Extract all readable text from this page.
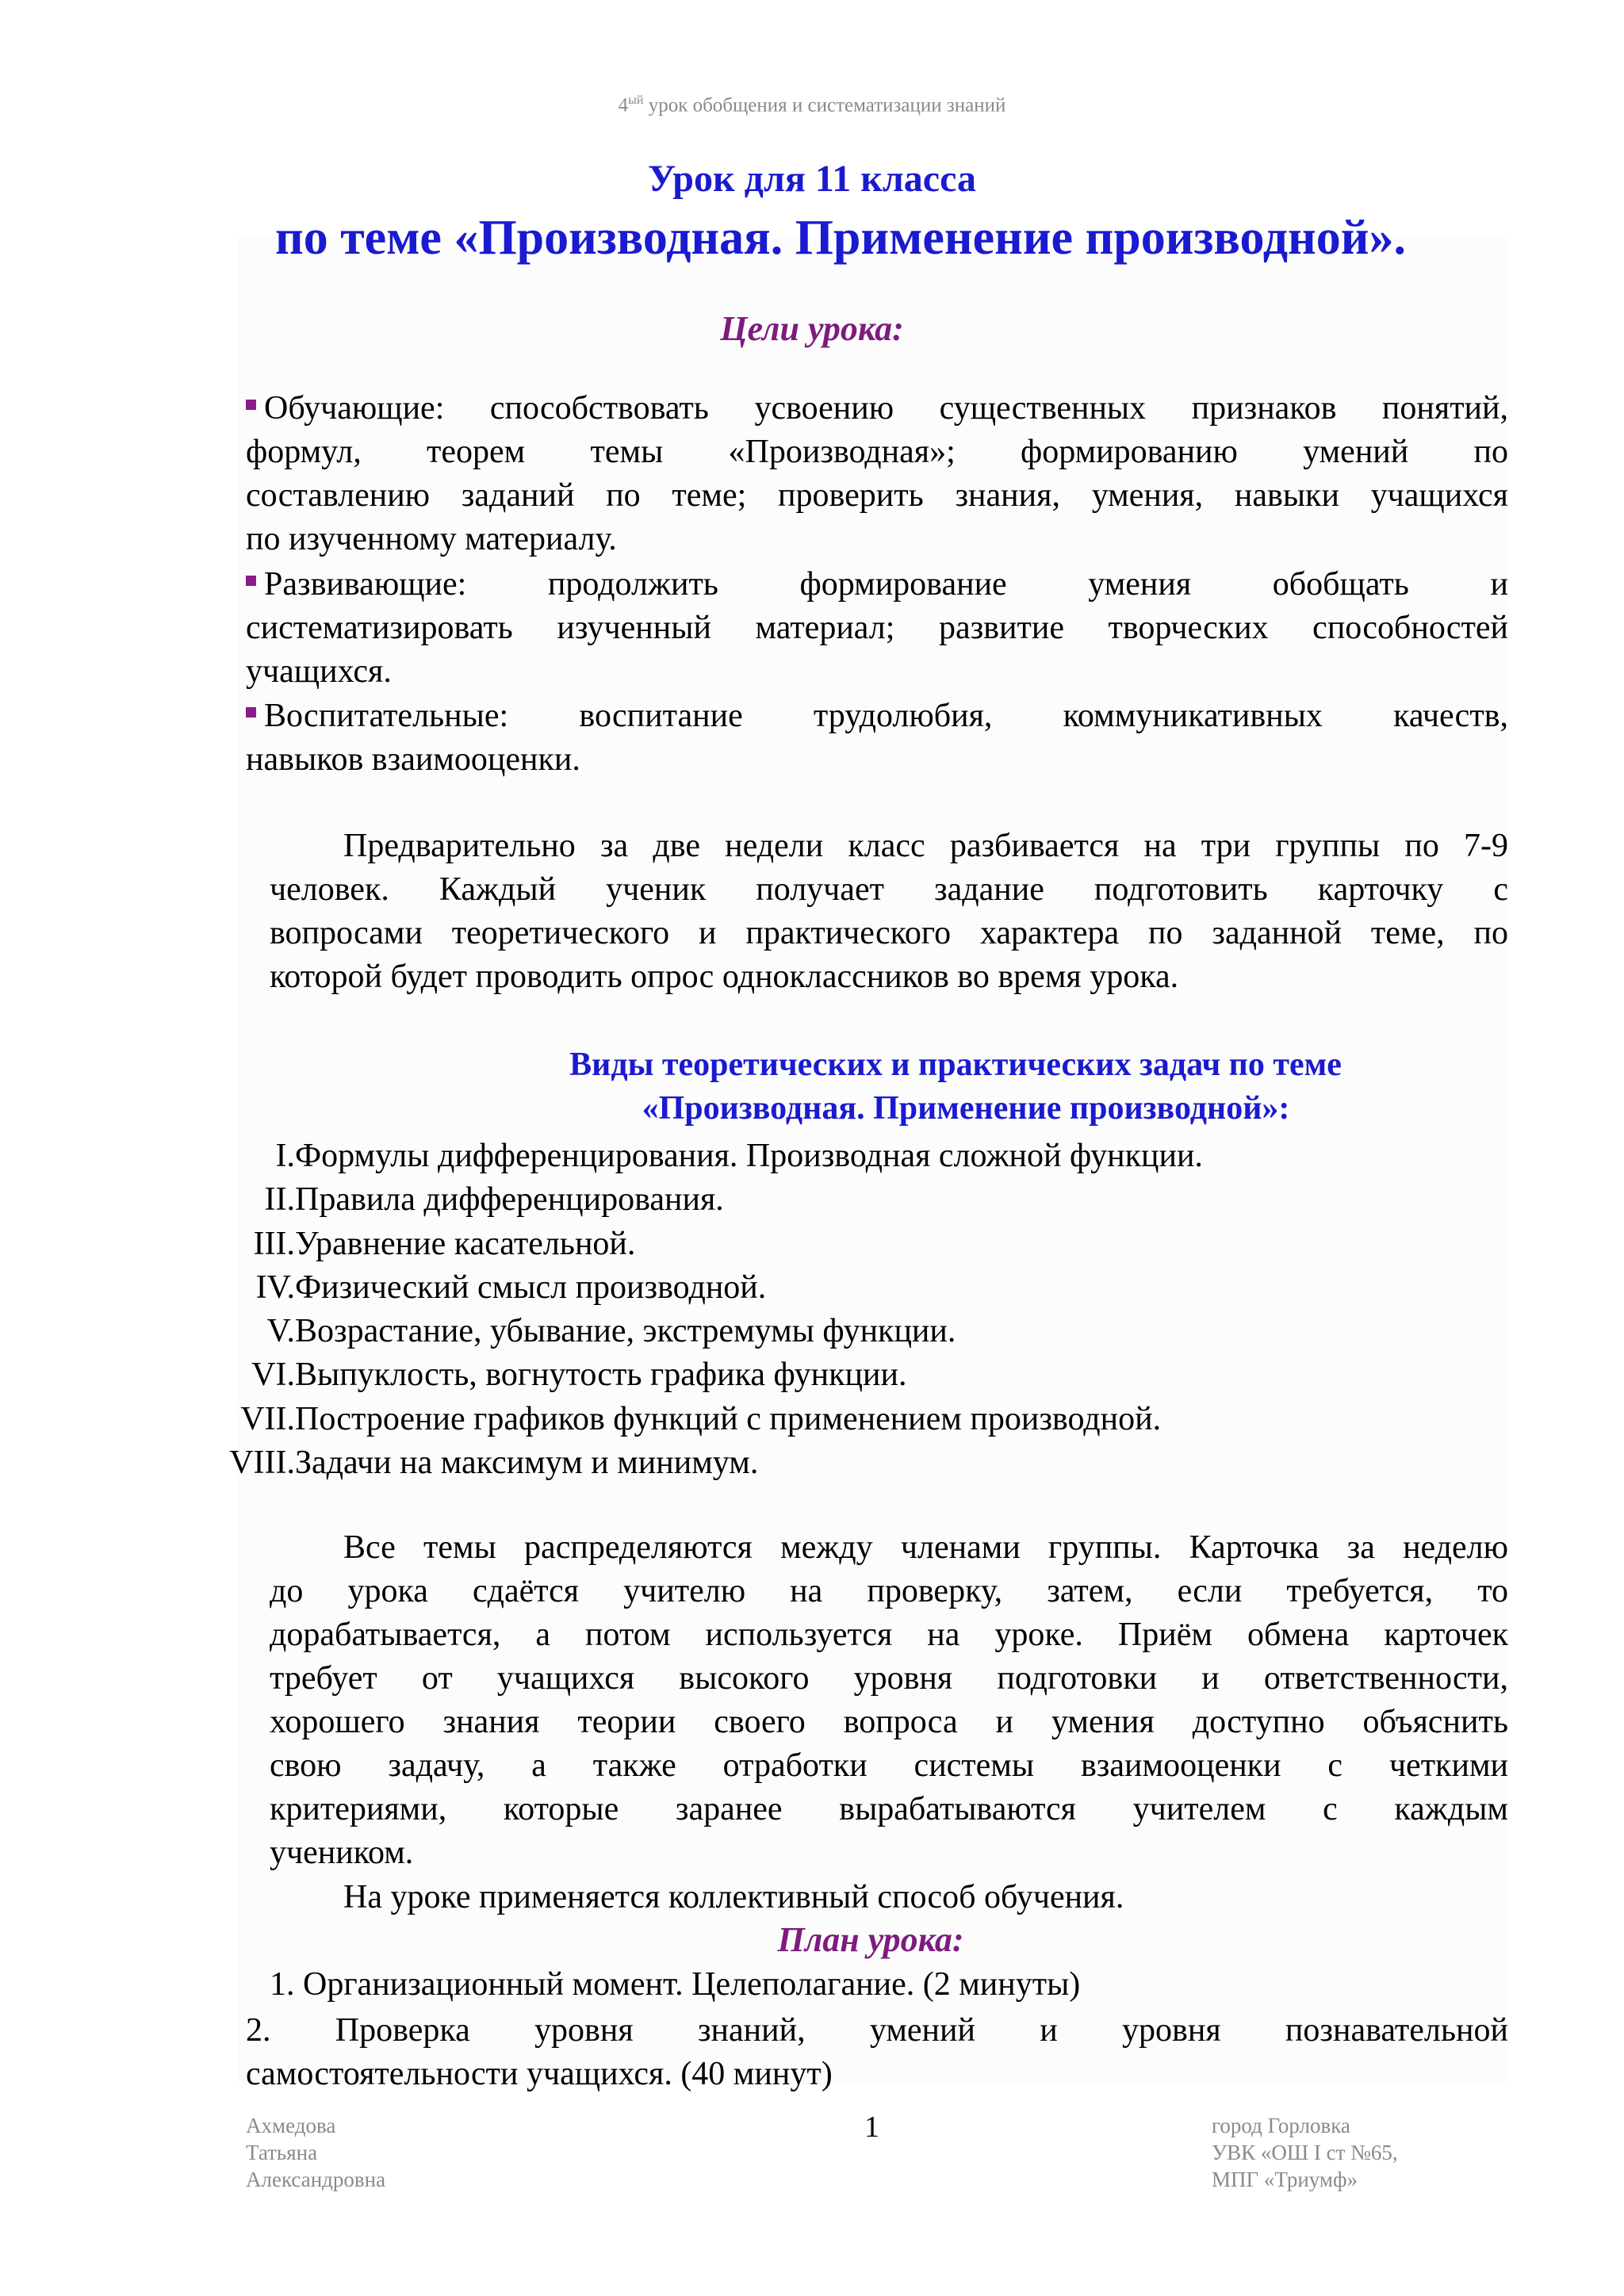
$4^{ый}$ урок обобщения и систематизации знаний
Урок для 11 класса
по теме «Производная. Применение производной».
Цели урока:
Обучающие: способствовать усвоению существенных признаков понятий,
формул, теорем темы «Производная»; формированию умений по
составлению заданий по теме; проверить знания, умения, навыки учащихся
по изученному материалу.
Развивающие: продолжить формирование умения обобщать и
систематизировать изученный материал; развитие творческих способностей
учащихся.
Воспитательные: воспитание трудолюбия, коммуникативных качеств,
навыков взаимооценки.
Предварительно за две недели класс разбивается на три группы по 7-9
человек. Каждый ученик получает задание подготовить карточку с
вопросами теоретического и практического характера по заданной теме, по
которой будет проводить опрос одноклассников во время урока.
Виды теоретических и практических задач по теме
«Производная. Применение производной»:
I.Формулы дифференцирования. Производная сложной функции.
II.Правила дифференцирования.
III.Уравнение касательной.
IV.Физический смысл производной.
V.Возрастание, убывание, экстремумы функции.
VI.Выпуклость, вогнутость графика функции.
VII.Построение графиков функций с применением производной.
VIII.Задачи на максимум и минимум.
Все темы распределяются между членами группы. Карточка за неделю
до урока сдаётся учителю на проверку, затем, если требуется, то
дорабатывается, а потом используется на уроке. Приём обмена карточек
требует от учащихся высокого уровня подготовки и ответственности,
хорошего знания теории своего вопроса и умения доступно объяснить
свою задачу, а также отработки системы взаимооценки с четкими
критериями, которые заранее вырабатываются учителем с каждым
учеником.
На уроке применяется коллективный способ обучения.
План урока:
1. Организационный момент. Целеполагание. (2 минуты)
2. Проверка уровня знаний, умений и уровня познавательной
самостоятельности учащихся. (40 минут)
Ахмедова
Татьяна
Александровна
1	город Горловка
УВК «ОШ I ст №65,
МПГ «Триумф»
